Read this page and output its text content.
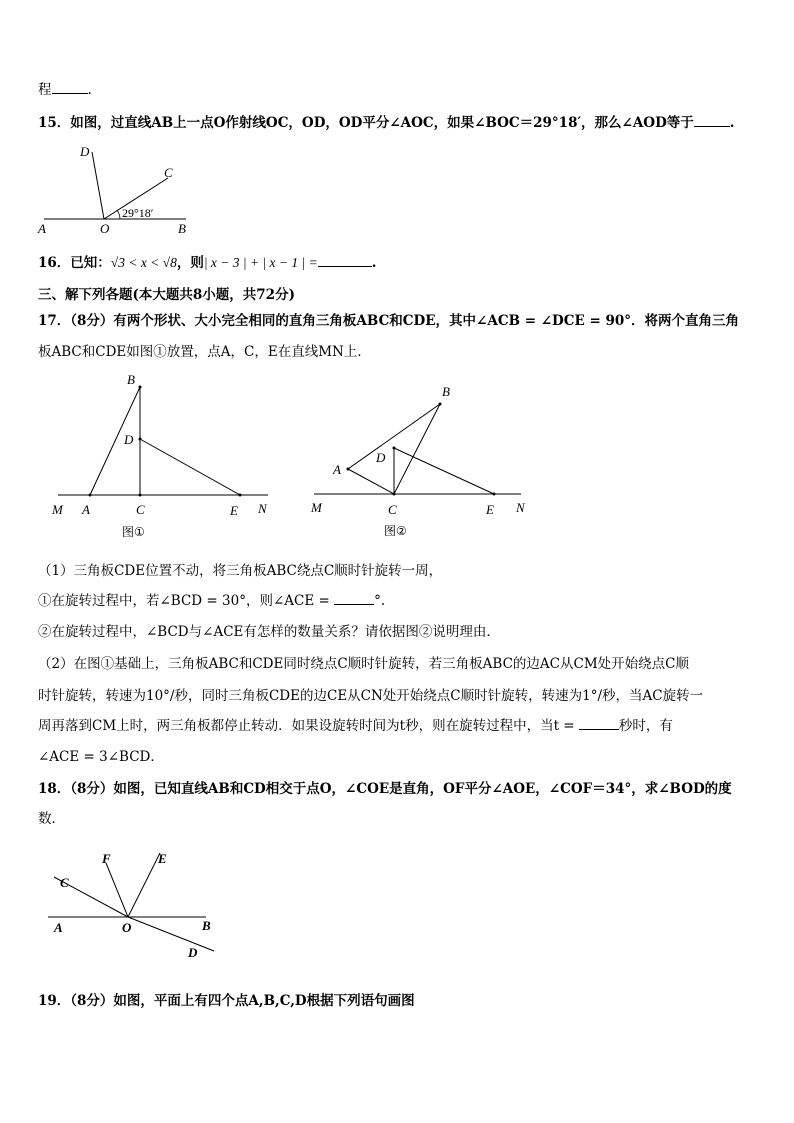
程	.
15．如图，过直线AB上一点O作射线OC，OD，OD平分∠AOC，如果∠BOC＝29°18′，那么∠AOD等于	.
D
C
29°18′
A	O	B
16．已知：√3 < x < √8，则| x − 3 | + | x − 1 | =	.
三、解下列各题(本大题共8小题，共72分)
17．（8分）有两个形状、大小完全相同的直角三角板ABC和CDE，其中∠ACB = ∠DCE = 90°．将两个直角三角
板ABC和CDE如图①放置，点A，C，E在直线MN上．
B
D
M A	C	E N
图①
B
A
D
M	C	E N
图②
（1）三角板CDE位置不动，将三角板ABC绕点C顺时针旋转一周，
①在旋转过程中，若∠BCD = 30°，则∠ACE =	°.
②在旋转过程中，∠BCD与∠ACE有怎样的数量关系？请依据图②说明理由．
（2）在图①基础上，三角板ABC和CDE同时绕点C顺时针旋转，若三角板ABC的边AC从CM处开始绕点C顺
时针旋转，转速为10°/秒，同时三角板CDE的边CE从CN处开始绕点C顺时针旋转，转速为1°/秒，当AC旋转一
周再落到CM上时，两三角板都停止转动．如果设旋转时间为t秒，则在旋转过程中，当t =	秒时，有
∠ACE = 3∠BCD．
18．（8分）如图，已知直线AB和CD相交于点O，∠COE是直角，OF平分∠AOE，∠COF＝34°，求∠BOD的度
数．
F	E
C
A	O	B
D
19．（8分）如图，平面上有四个点A,B,C,D根据下列语句画图
